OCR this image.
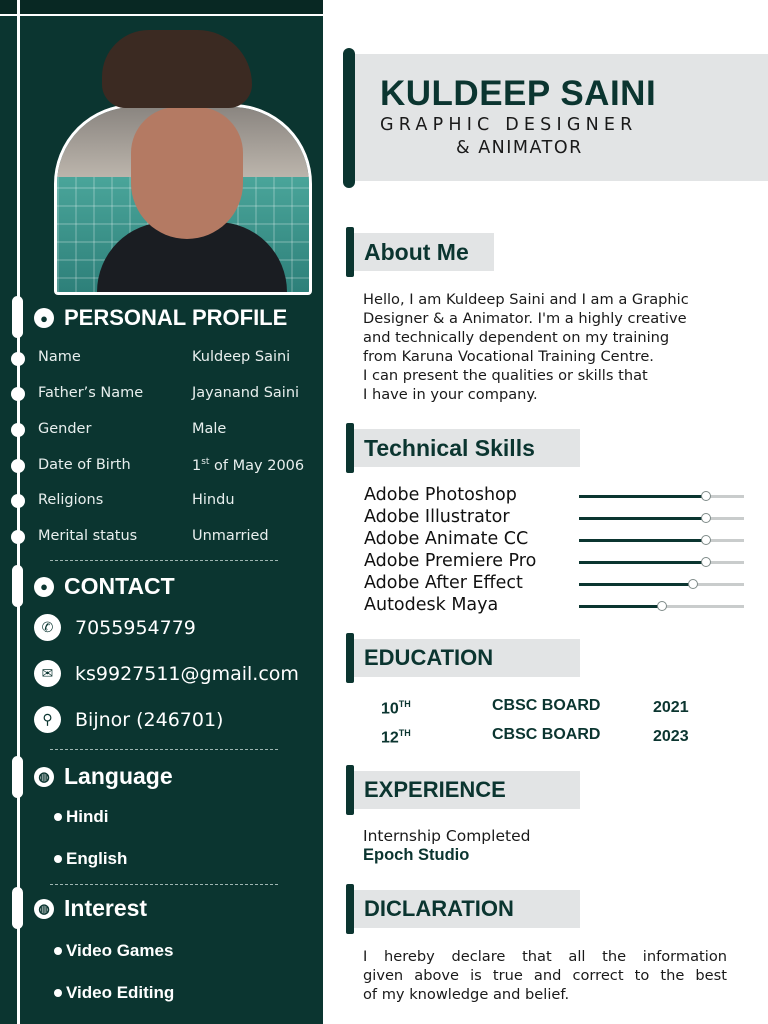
● PERSONAL PROFILE
Name	Kuldeep Saini
Father’s Name	Jayanand Saini
Gender	Male
Date of Birth	1st of May 2006
Religions	Hindu
Merital status	Unmarried
● CONTACT
✆	7055954779
✉	ks9927511@gmail.com
⚲	Bijnor (246701)
◍ Language
Hindi
English
◍ Interest
Video Games
Video Editing
KULDEEP SAINI
GRAPHIC DESIGNER
& ANIMATOR
About Me
Hello, I am Kuldeep Saini and I am a Graphic
Designer & a Animator. I'm a highly creative
and technically dependent on my training
from Karuna Vocational Training Centre.
I can present the qualities or skills that
I have in your company.
Technical Skills
Adobe Photoshop
Adobe Illustrator
Adobe Animate CC
Adobe Premiere Pro
Adobe After Effect
Autodesk Maya
EDUCATION
10TH	CBSC BOARD	2021
12TH	CBSC BOARD	2023
EXPERIENCE
Internship Completed
Epoch Studio
DICLARATION
I hereby declare that all the information
given above is true and correct to the best
of my knowledge and belief.
